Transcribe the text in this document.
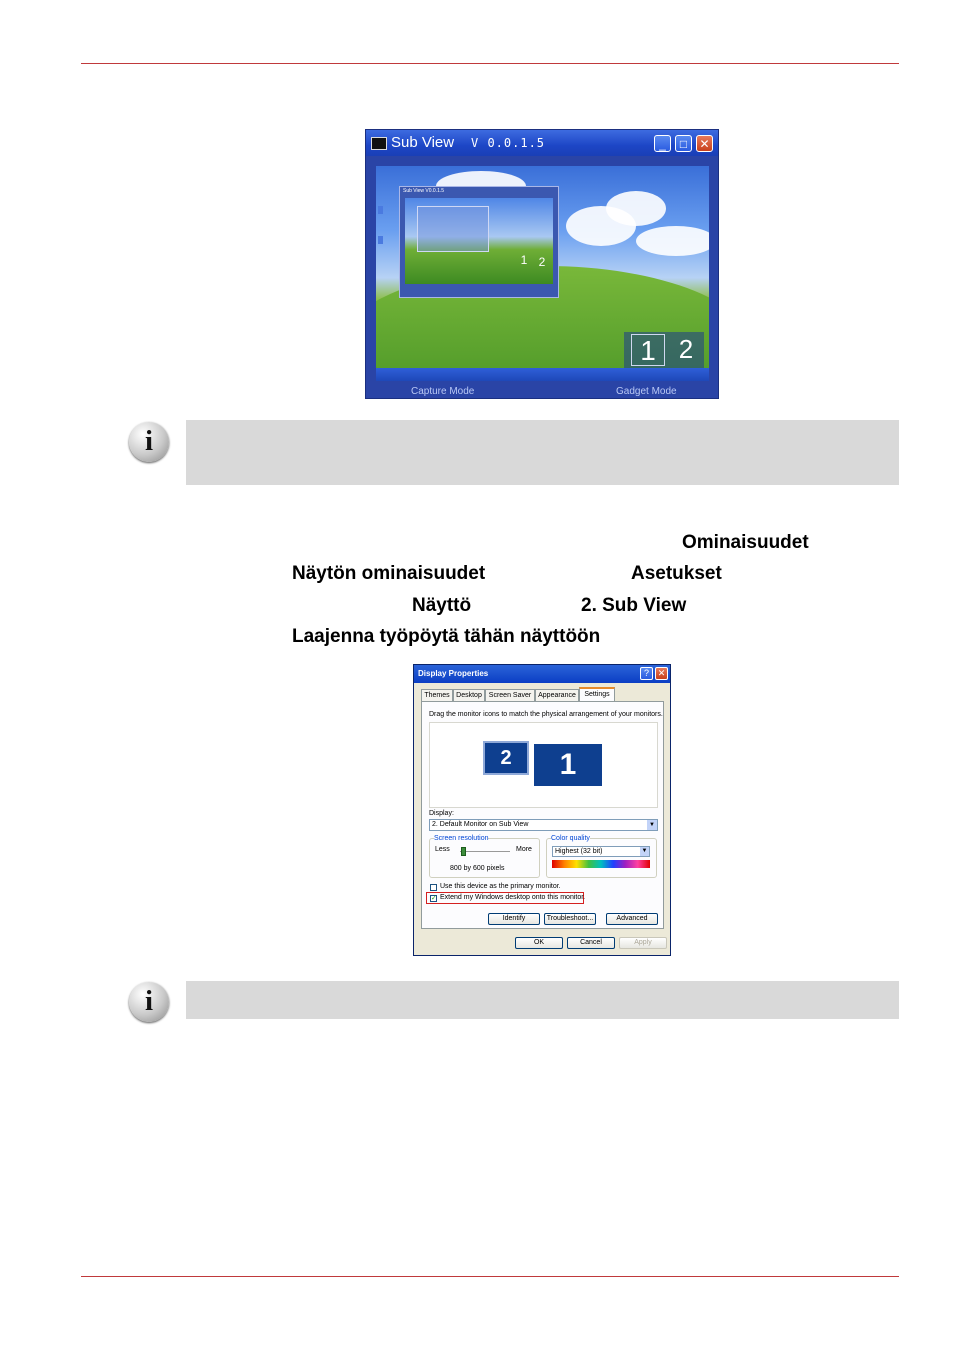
Sub View V 0.0.1.5	_	□	✕
Sub View V0.0.1.5
1 2
1 2
Capture Mode	Gadget Mode
i
Ominaisuudet
Näytön ominaisuudet	Asetukset
Näyttö	2. Sub View
Laajenna työpöytä tähän näyttöön
Display Properties	? ✕
Themes Desktop Screen Saver Appearance	Settings
Drag the monitor icons to match the physical arrangement of your monitors.
2	1
Display:
2. Default Monitor on Sub View	▼
Screen resolution
Less	More
800 by 600 pixels
Color quality
Highest (32 bit)	▼
Use this device as the primary monitor.
✓ Extend my Windows desktop onto this monitor.
Identify	Troubleshoot...	Advanced
OK	Cancel	Apply
i
